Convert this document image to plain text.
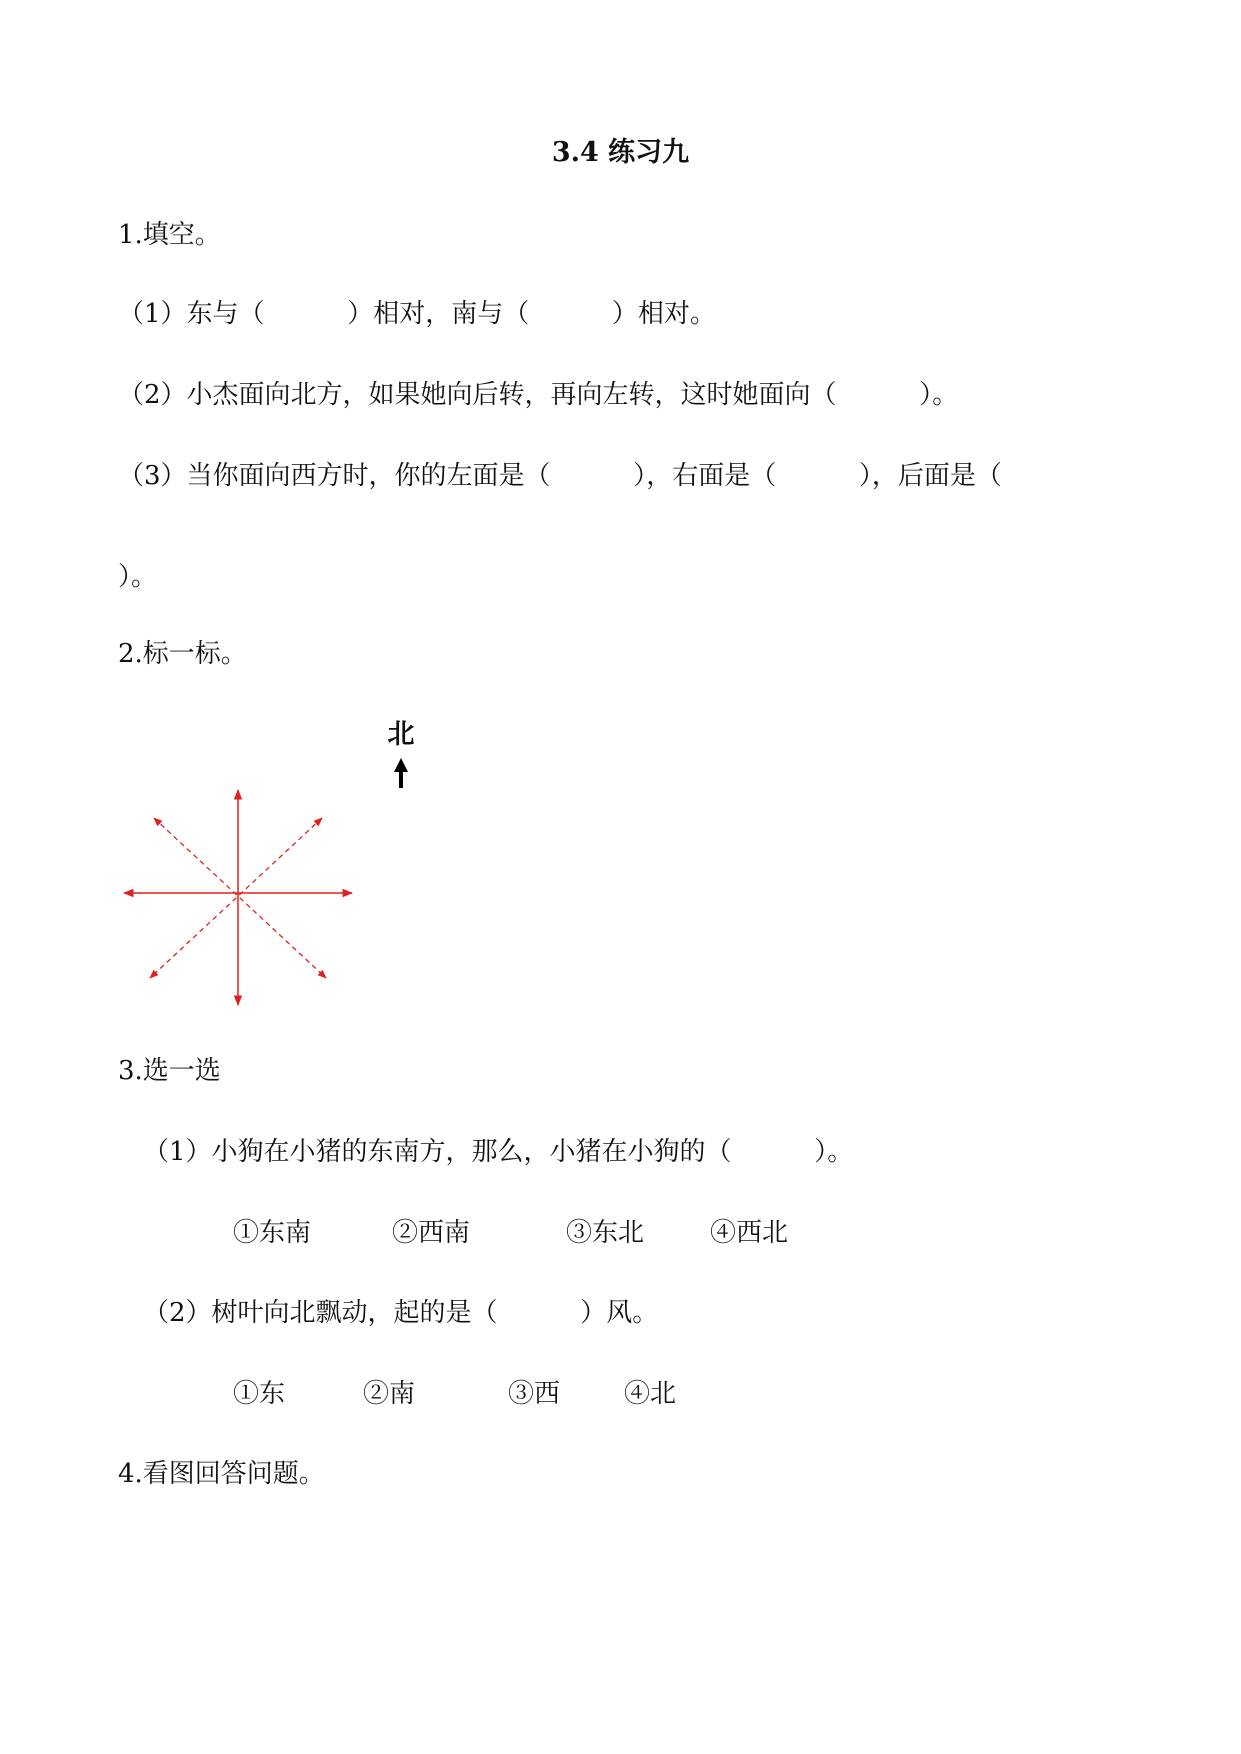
3.4 练习九
1.填空。
（1）东与（          ）相对，南与（          ）相对。
（2）小杰面向北方，如果她向后转，再向左转，这时她面向（          ）。
（3）当你面向西方时，你的左面是（          ），右面是（          ），后面是（
）。
2.标一标。
北
3.选一选
（1）小狗在小猪的东南方，那么，小猪在小狗的（          ）。
①东南	②西南	③东北	④西北
（2）树叶向北飘动，起的是（          ）风。
①东	②南	③西 ④北
4.看图回答问题。
